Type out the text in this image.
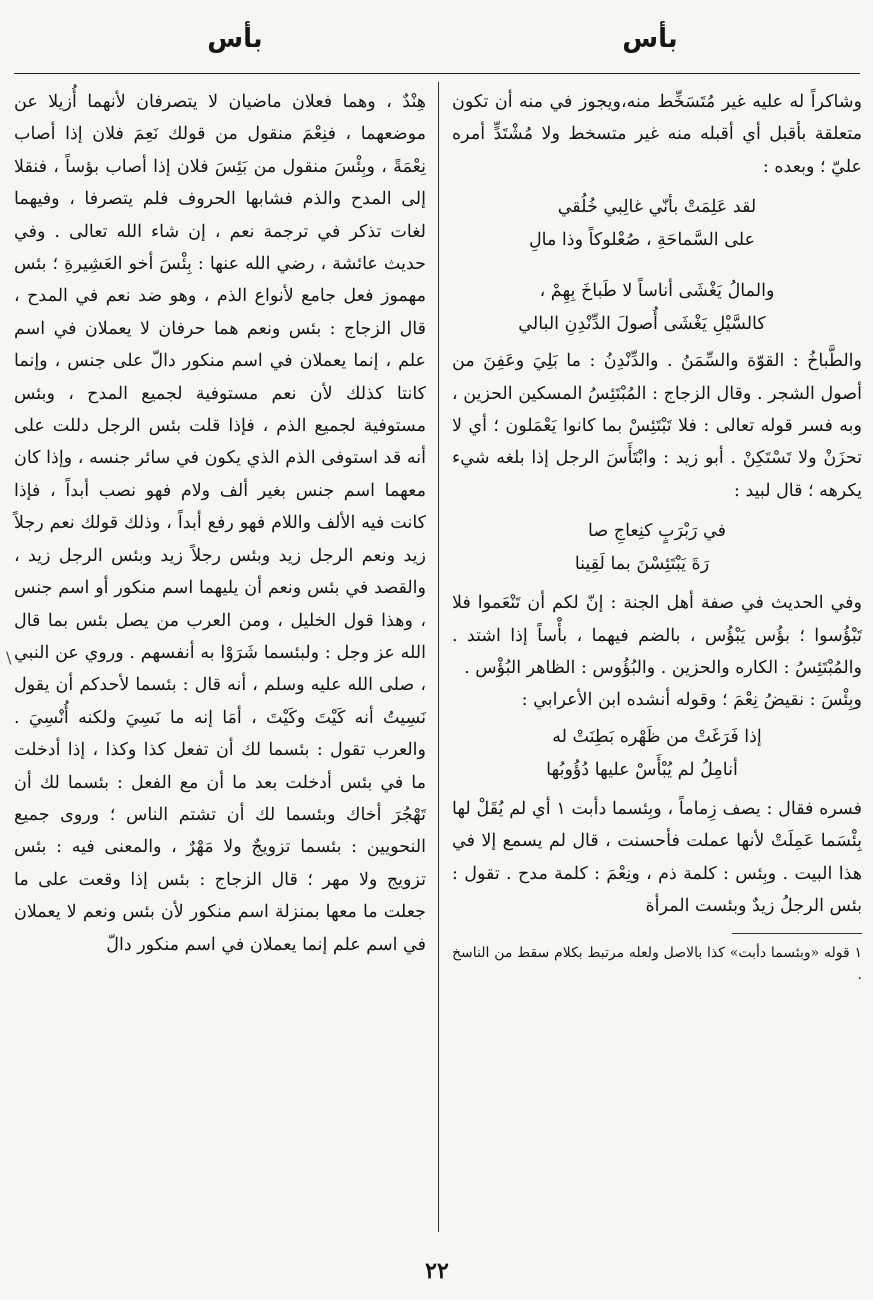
بأس
بأس

وشاكراً له عليه غير مُتَسَخِّط منه،ويجوز في منه أن تكون متعلقة بأقبل أي أقبله منه غير متسخط ولا مُشْتَدٍّ أمره عليّ ؛ وبعده :

لقد عَلِمَتْ بأنّي غالِبي خُلُقي
على السَّماحَةِ ، صُعْلوكاً وذا مالِ
والمالُ يَغْشَى أناساً لا طَباخَ بِهِمْ ،
كالسَّيْلِ يَغْشَى أُصولَ الدِّنْدِنِ البالي

والطَّباخُ : القوّة والسِّمَنُ . والدِّنْدِنُ : ما بَلِيَ وعَفِنَ من أصول الشجر . وقال الزجاج : المُبْتَئِسُ المسكين الحزين ، وبه فسر قوله تعالى : فلا تَبْتَئِسْ بما كانوا يَعْمَلون ؛ أي لا تحزَنْ ولا تَسْتَكِنْ . أبو زيد : وابْتَأَسَ الرجل إذا بلغه شيء يكرهه ؛ قال لبيد :

في رَبْرَبٍ كنِعاجِ صا
رَةَ يَبْتَئِسْنَ بما لَقِينا

وفي الحديث في صفة أهل الجنة : إنّ لكم أن تَنْعَموا فلا تَبْؤُسوا ؛ بؤُس يَبْؤُس ، بالضم فيهما ، بأْساً إذا اشتد . والمُبْتَئِسُ : الكاره والحزين . والبُؤُوس : الظاهر البُؤْس .

وبِئْسَ : نقيضُ نِعْمَ ؛ وقوله أنشده ابن الأعرابي :

إذا فَرَغَتْ من ظَهْره بَطِنَتْ له
أنامِلُ لم يُبْأَسْ عليها دُؤُوبُها

فسره فقال : يصف زِماماً ، وبِئسما دأبت ١ أي لم يُقَلْ لها بِئْسَما عَمِلَتْ لأنها عملت فأحسنت ، قال لم يسمع إلا في هذا البيت . وبِئس : كلمة ذم ، ونِعْمَ : كلمة مدح . تقول : بئس الرجلُ زيدٌ وبئست المرأة

١ قوله «وبئسما دأبت» كذا بالاصل ولعله مرتبط بكلام سقط من الناسخ .

هِنْدٌ ، وهما فعلان ماضيان لا يتصرفان لأنهما أُزيلا عن موضعهما ، فنِعْمَ منقول من قولك نَعِمَ فلان إذا أصاب نِعْمَةً ، وبِئْسَ منقول من بَئِسَ فلان إذا أصاب بؤساً ، فنقلا إلى المدح والذم فشابها الحروف فلم يتصرفا ، وفيهما لغات تذكر في ترجمة نعم ، إن شاء الله تعالى . وفي حديث عائشة ، رضي الله عنها : بِئْسَ أخو العَشِيرةِ ؛ بئس مهموز فعل جامع لأنواع الذم ، وهو ضد نعم في المدح ، قال الزجاج : بئس ونعم هما حرفان لا يعملان في اسم علم ، إنما يعملان في اسم منكور دالّ على جنس ، وإنما كانتا كذلك لأن نعم مستوفية لجميع المدح ، وبئس مستوفية لجميع الذم ، فإذا قلت بئس الرجل دللت على أنه قد استوفى الذم الذي يكون في سائر جنسه ، وإذا كان معهما اسم جنس بغير ألف ولام فهو نصب أبداً ، فإذا كانت فيه الألف واللام فهو رفع أبداً ، وذلك قولك نعم رجلاً زيد ونعم الرجل زيد وبئس رجلاً زيد وبئس الرجل زيد ، والقصد في بئس ونعم أن يليهما اسم منكور أو اسم جنس ، وهذا قول الخليل ، ومن العرب من يصل بئس بما قال الله عز وجل : ولبئسما شَرَوْا به أنفسهم . وروي عن النبي ، صلى الله عليه وسلم ، أنه قال : بئسما لأحدكم أن يقول نَسِيتُ أنه كَيْتَ وكَيْتَ ، أمَا إنه ما نَسِيَ ولكنه أُنْسِيَ . والعرب تقول : بئسما لك أن تفعل كذا وكذا ، إذا أدخلت ما في بئس أدخلت بعد ما أن مع الفعل : بئسما لك أن تَهْجُرَ أخاك وبئسما لك أن تشتم الناس ؛ وروى جميع النحويين : بئسما تزويجٌ ولا مَهْرٌ ، والمعنى فيه : بئس تزويج ولا مهر ؛ قال الزجاج : بئس إذا وقعت على ما جعلت ما معها بمنزلة اسم منكور لأن بئس ونعم لا يعملان في اسم علم إنما يعملان في اسم منكور دالّ

\
٢٢
